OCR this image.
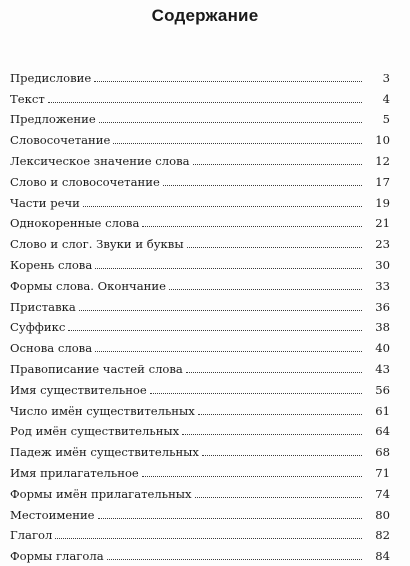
Содержание
Предисловие	3
Текст	4
Предложение	5
Словосочетание	10
Лексическое значение слова	12
Слово и словосочетание	17
Части речи	19
Однокоренные слова	21
Слово и слог. Звуки и буквы	23
Корень слова	30
Формы слова. Окончание	33
Приставка	36
Суффикс	38
Основа слова	40
Правописание частей слова	43
Имя существительное	56
Число имён существительных	61
Род имён существительных	64
Падеж имён существительных	68
Имя прилагательное	71
Формы имён прилагательных	74
Местоимение	80
Глагол	82
Формы глагола	84
